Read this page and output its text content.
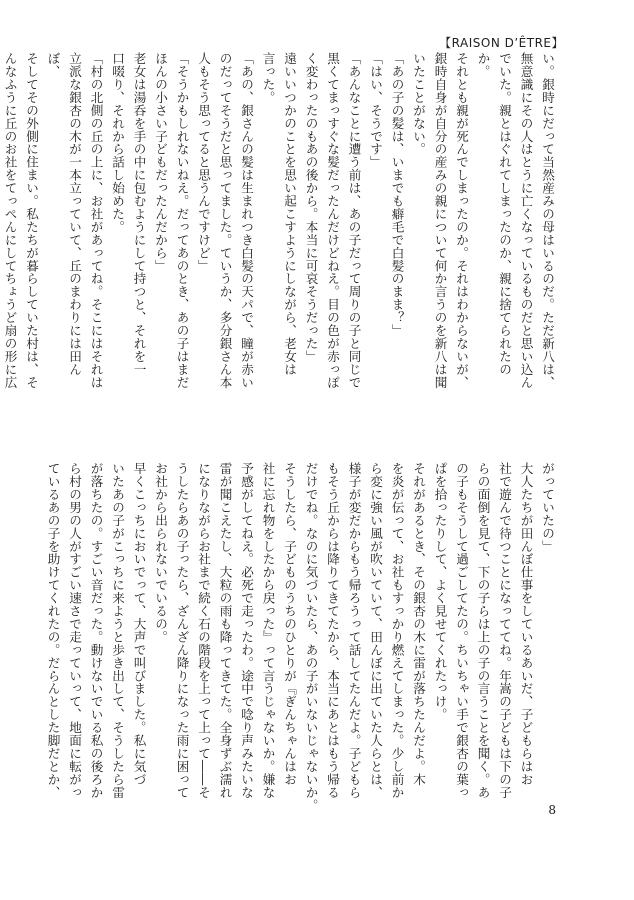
【RAISON D’ÊTRE】

い。銀時にだって当然産みの母はいるのだ。ただ新八は、

無意識にその人はとうに亡くなっているものだと思い込ん

でいた。親とはぐれてしまったのか、親に捨てられたのか。

それとも親が死んでしまったのか。それはわからないが、

銀時自身が自分の産みの親について何か言うのを新八は聞

いたことがない。

「あの子の髪は、いまでも癖毛で白髪のまま？」

「はい、そうです」

「あんなことに遭う前は、あの子だって周りの子と同じで

黒くてまっすぐな髪だったんだけどねえ。目の色が赤っぽ

く変わったのもあの後から。本当に可哀そうだった」

遠いいつかのことを思い起こすようにしながら、老女は

言った。

「あの、銀さんの髪は生まれつき白髪の天パで、瞳が赤い

のだってそうだと思ってました。ていうか、多分銀さん本

人もそう思ってると思うんですけど」

「そうかもしれないねえ。だってあのとき、あの子はまだ

ほんの小さい子どもだったんだから」

老女は湯呑を手の中に包むようにして持つと、それを一

口啜り、それから話し始めた。

「村の北側の丘の上に、お社があってね。そこにはそれは

立派な銀杏の木が一本立っていて、丘のまわりには田んぼ、

そしてその外側に住まい。私たちが暮らしていた村は、そ

んなふうに丘のお社をてっぺんにしてちょうど扇の形に広

がっていたの」

大人たちが田んぼ仕事をしているあいだ、子どもらはお

社で遊んで待つことになっててね。年嵩の子どもは下の子

らの面倒を見て、下の子らは上の子の言うことを聞く。あ

の子もそうして過ごしてたの。ちいちゃい手で銀杏の葉っ

ぱを拾ったりして、よく見せてくれたっけ。

それがあるとき、その銀杏の木に雷が落ちたんだよ。木

を炎が伝って、お社もすっかり燃えてしまった。少し前か

ら変に強い風が吹いていて、田んぼに出ていた人らとは、

様子が変だからもう帰ろうって話してたんだよ。子どもら

もそう丘からは降りてきてたから、本当にあとはもう帰る

だけでね。なのに気づいたら、あの子がいないじゃないか。

そうしたら、子どものうちのひとりが『ぎんちゃんはお

社に忘れ物をしたから戻った』って言うじゃないか。嫌な

予感がしてねえ。必死で走ったわ。途中で唸り声みたいな

雷が聞こえたし、大粒の雨も降ってきてた。全身ずぶ濡れ

になりながらお社まで続く石の階段を上って上って――そ

うしたらあの子ったら、ざんざん降りになった雨に困って

お社から出られないでいるの。

早くこっちにおいでって、大声で叫びました。私に気づ

いたあの子がこっちに来ようと歩き出して、そうしたら雷

が落ちたの。すごい音だった。動けないでいる私の後ろか

ら村の男の人がすごい速さで走っていって、地面に転がっ

ているあの子を助けてくれたの。だらんとした脚だとか、

8
